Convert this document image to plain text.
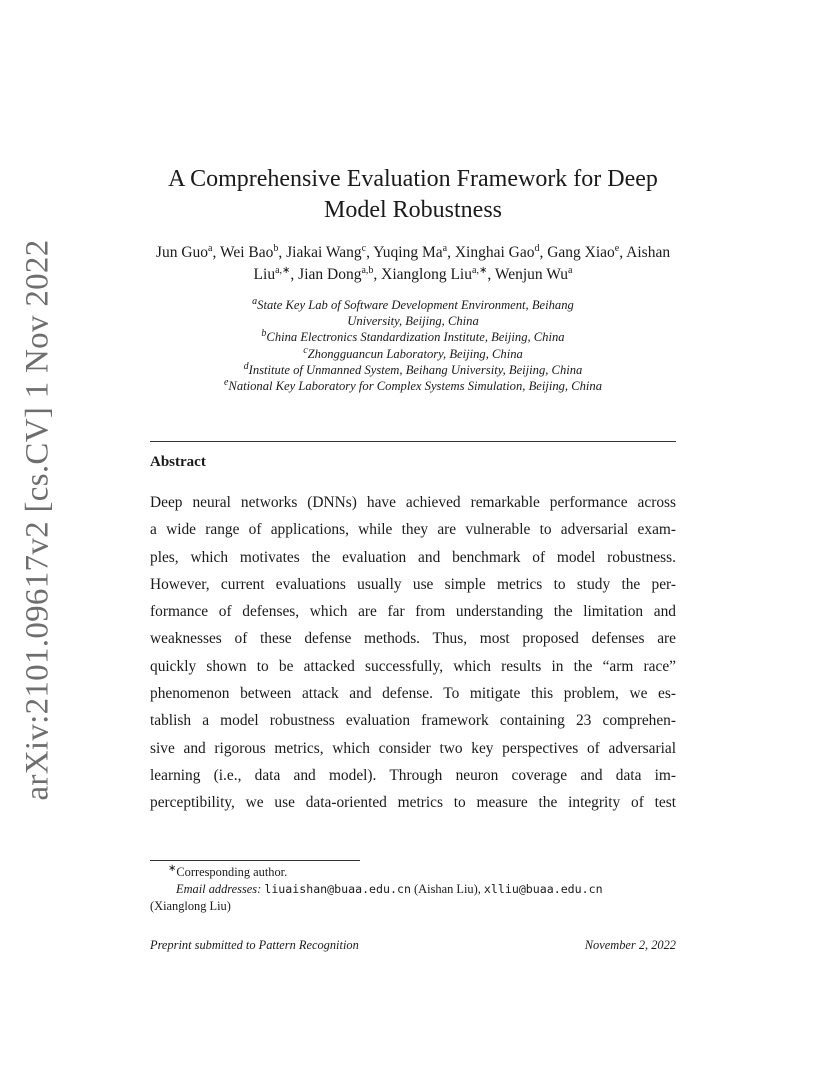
arXiv:2101.09617v2 [cs.CV] 1 Nov 2022
A Comprehensive Evaluation Framework for Deep
Model Robustness
Jun Guo$^a$, Wei Bao$^b$, Jiakai Wang$^c$, Yuqing Ma$^a$, Xinghai Gao$^d$, Gang Xiao$^e$, Aishan Liu$^{a,∗}$, Jian Dong$^{a,b}$, Xianglong Liu$^{a,∗}$, Wenjun Wu$^a$
$^a$State Key Lab of Software Development Environment, Beihang
University, Beijing, China
$^b$China Electronics Standardization Institute, Beijing, China
$^c$Zhongguancun Laboratory, Beijing, China
$^d$Institute of Unmanned System, Beihang University, Beijing, China
$^e$National Key Laboratory for Complex Systems Simulation, Beijing, China
Abstract
Deep neural networks (DNNs) have achieved remarkable performance across
a wide range of applications, while they are vulnerable to adversarial exam-
ples, which motivates the evaluation and benchmark of model robustness.
However, current evaluations usually use simple metrics to study the per-
formance of defenses, which are far from understanding the limitation and
weaknesses of these defense methods. Thus, most proposed defenses are
quickly shown to be attacked successfully, which results in the “arm race”
phenomenon between attack and defense. To mitigate this problem, we es-
tablish a model robustness evaluation framework containing 23 comprehen-
sive and rigorous metrics, which consider two key perspectives of adversarial
learning (i.e., data and model). Through neuron coverage and data im-
perceptibility, we use data-oriented metrics to measure the integrity of test
∗Corresponding author.
Email addresses: liuaishan@buaa.edu.cn (Aishan Liu), xlliu@buaa.edu.cn
(Xianglong Liu)
Preprint submitted to Pattern Recognition	November 2, 2022
